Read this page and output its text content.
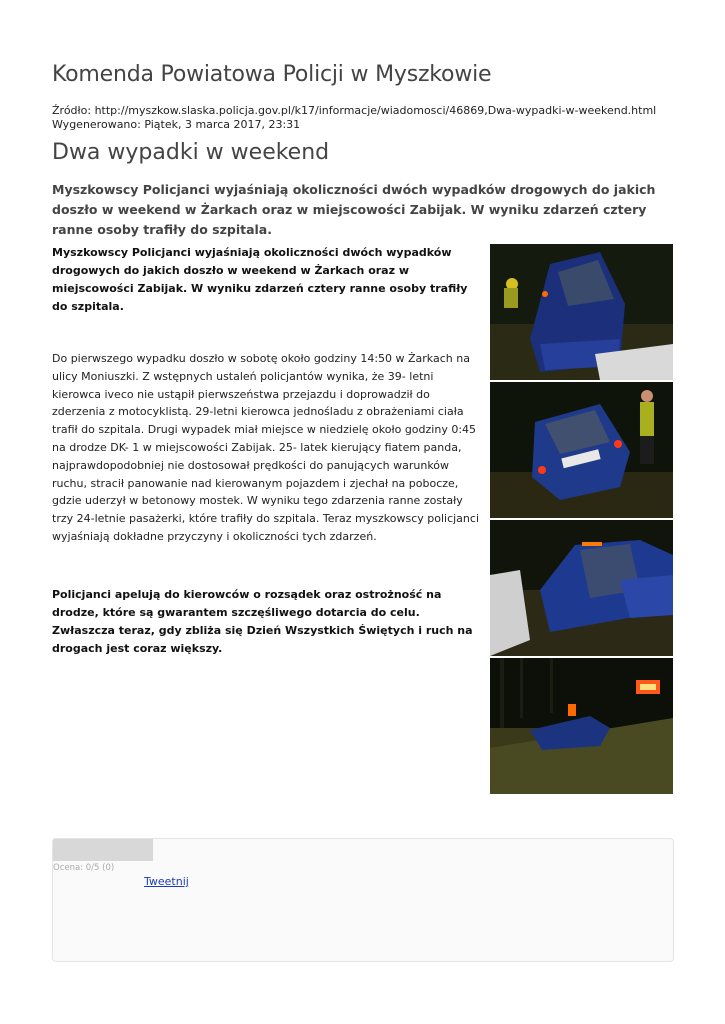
Komenda Powiatowa Policji w Myszkowie
Źródło: http://myszkow.slaska.policja.gov.pl/k17/informacje/wiadomosci/46869,Dwa-wypadki-w-weekend.html
Wygenerowano: Piątek, 3 marca 2017, 23:31
Dwa wypadki w weekend

Myszkowscy Policjanci wyjaśniają okoliczności dwóch wypadków drogowych do jakich doszło w weekend w Żarkach oraz w miejscowości Zabijak. W wyniku zdarzeń cztery ranne osoby trafiły do szpitala.

Myszkowscy Policjanci wyjaśniają okoliczności dwóch wypadków drogowych do jakich doszło w weekend w Żarkach oraz w miejscowości Zabijak. W wyniku zdarzeń cztery ranne osoby trafiły do szpitala.

Do pierwszego wypadku doszło w sobotę około godziny 14:50 w Żarkach na ulicy Moniuszki. Z wstępnych ustaleń policjantów wynika, że 39- letni kierowca iveco nie ustąpił pierwszeństwa przejazdu i doprowadził do zderzenia z motocyklistą. 29-letni kierowca jednośladu z obrażeniami ciała trafił do szpitala. Drugi wypadek miał miejsce w niedzielę około godziny 0:45 na drodze DK- 1 w miejscowości Zabijak. 25- latek kierujący fiatem panda, najprawdopodobniej nie dostosował prędkości do panujących warunków ruchu, stracił panowanie nad kierowanym pojazdem i zjechał na pobocze, gdzie uderzył w betonowy mostek. W wyniku tego zdarzenia ranne zostały trzy 24-letnie pasażerki, które trafiły do szpitala. Teraz myszkowscy policjanci wyjaśniają dokładne przyczyny i okoliczności tych zdarzeń.

Policjanci apelują do kierowców o rozsądek oraz ostrożność na drodze, które są gwarantem szczęśliwego dotarcia do celu. Zwłaszcza teraz, gdy zbliża się Dzień Wszystkich Świętych i ruch na drogach jest coraz większy.

Ocena: 0/5 (0)
Tweetnij
